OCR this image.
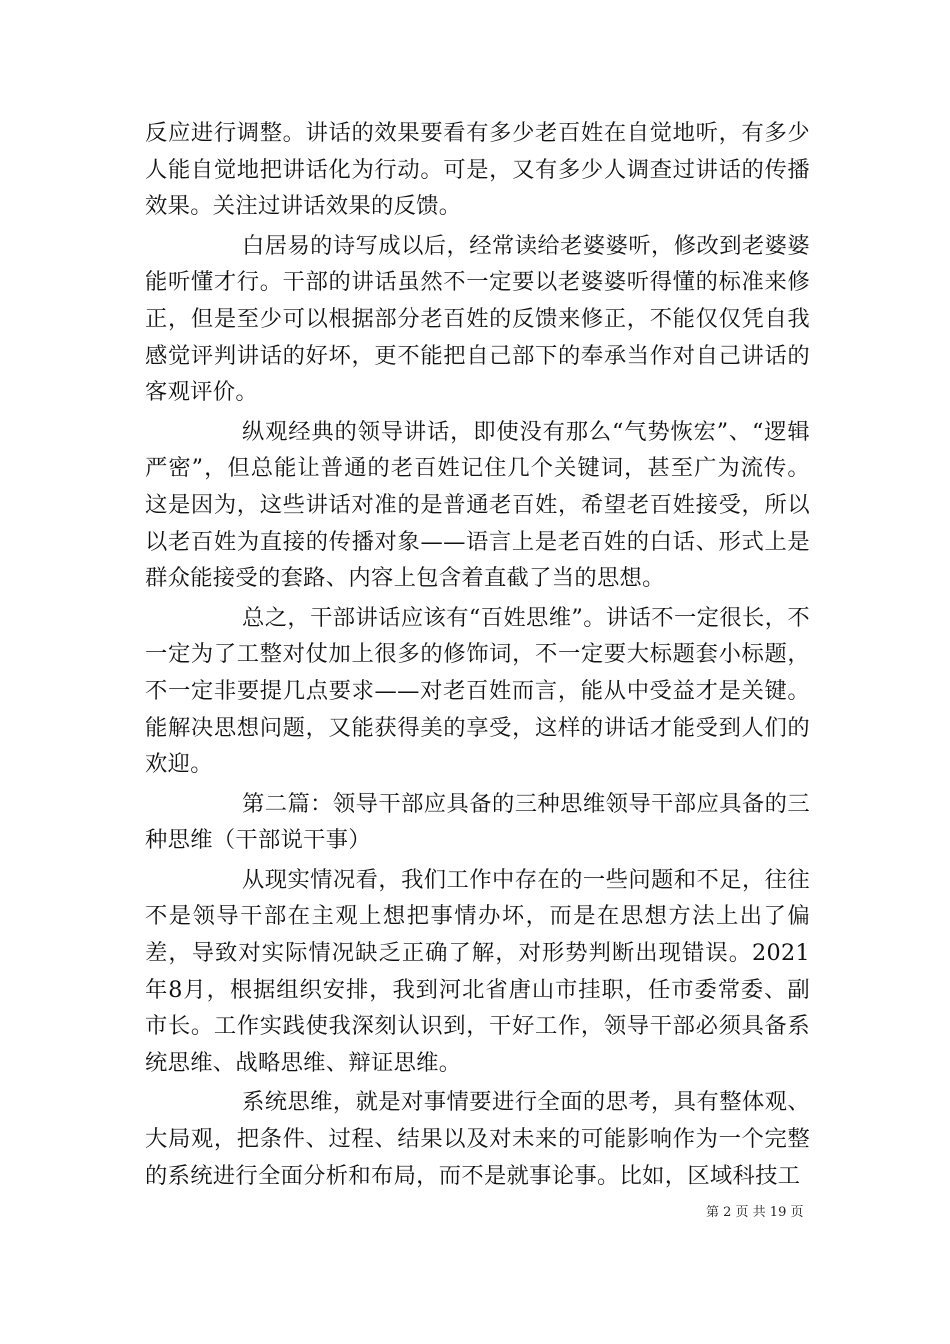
反应进行调整。讲话的效果要看有多少老百姓在自觉地听，有多少人能自觉地把讲话化为行动。可是，又有多少人调查过讲话的传播效果。关注过讲话效果的反馈。

白居易的诗写成以后，经常读给老婆婆听，修改到老婆婆能听懂才行。干部的讲话虽然不一定要以老婆婆听得懂的标准来修正，但是至少可以根据部分老百姓的反馈来修正，不能仅仅凭自我感觉评判讲话的好坏，更不能把自己部下的奉承当作对自己讲话的客观评价。

纵观经典的领导讲话，即使没有那么“气势恢宏”、“逻辑严密”，但总能让普通的老百姓记住几个关键词，甚至广为流传。这是因为，这些讲话对准的是普通老百姓，希望老百姓接受，所以以老百姓为直接的传播对象——语言上是老百姓的白话、形式上是群众能接受的套路、内容上包含着直截了当的思想。

总之，干部讲话应该有“百姓思维”。讲话不一定很长，不一定为了工整对仗加上很多的修饰词，不一定要大标题套小标题，不一定非要提几点要求——对老百姓而言，能从中受益才是关键。能解决思想问题，又能获得美的享受，这样的讲话才能受到人们的欢迎。

第二篇：领导干部应具备的三种思维领导干部应具备的三种思维（干部说干事）

从现实情况看，我们工作中存在的一些问题和不足，往往不是领导干部在主观上想把事情办坏，而是在思想方法上出了偏差，导致对实际情况缺乏正确了解，对形势判断出现错误。2021年8月，根据组织安排，我到河北省唐山市挂职，任市委常委、副市长。工作实践使我深刻认识到，干好工作，领导干部必须具备系统思维、战略思维、辩证思维。

系统思维，就是对事情要进行全面的思考，具有整体观、大局观，把条件、过程、结果以及对未来的可能影响作为一个完整的系统进行全面分析和布局，而不是就事论事。比如，区域科技工

第 2 页 共 19 页
